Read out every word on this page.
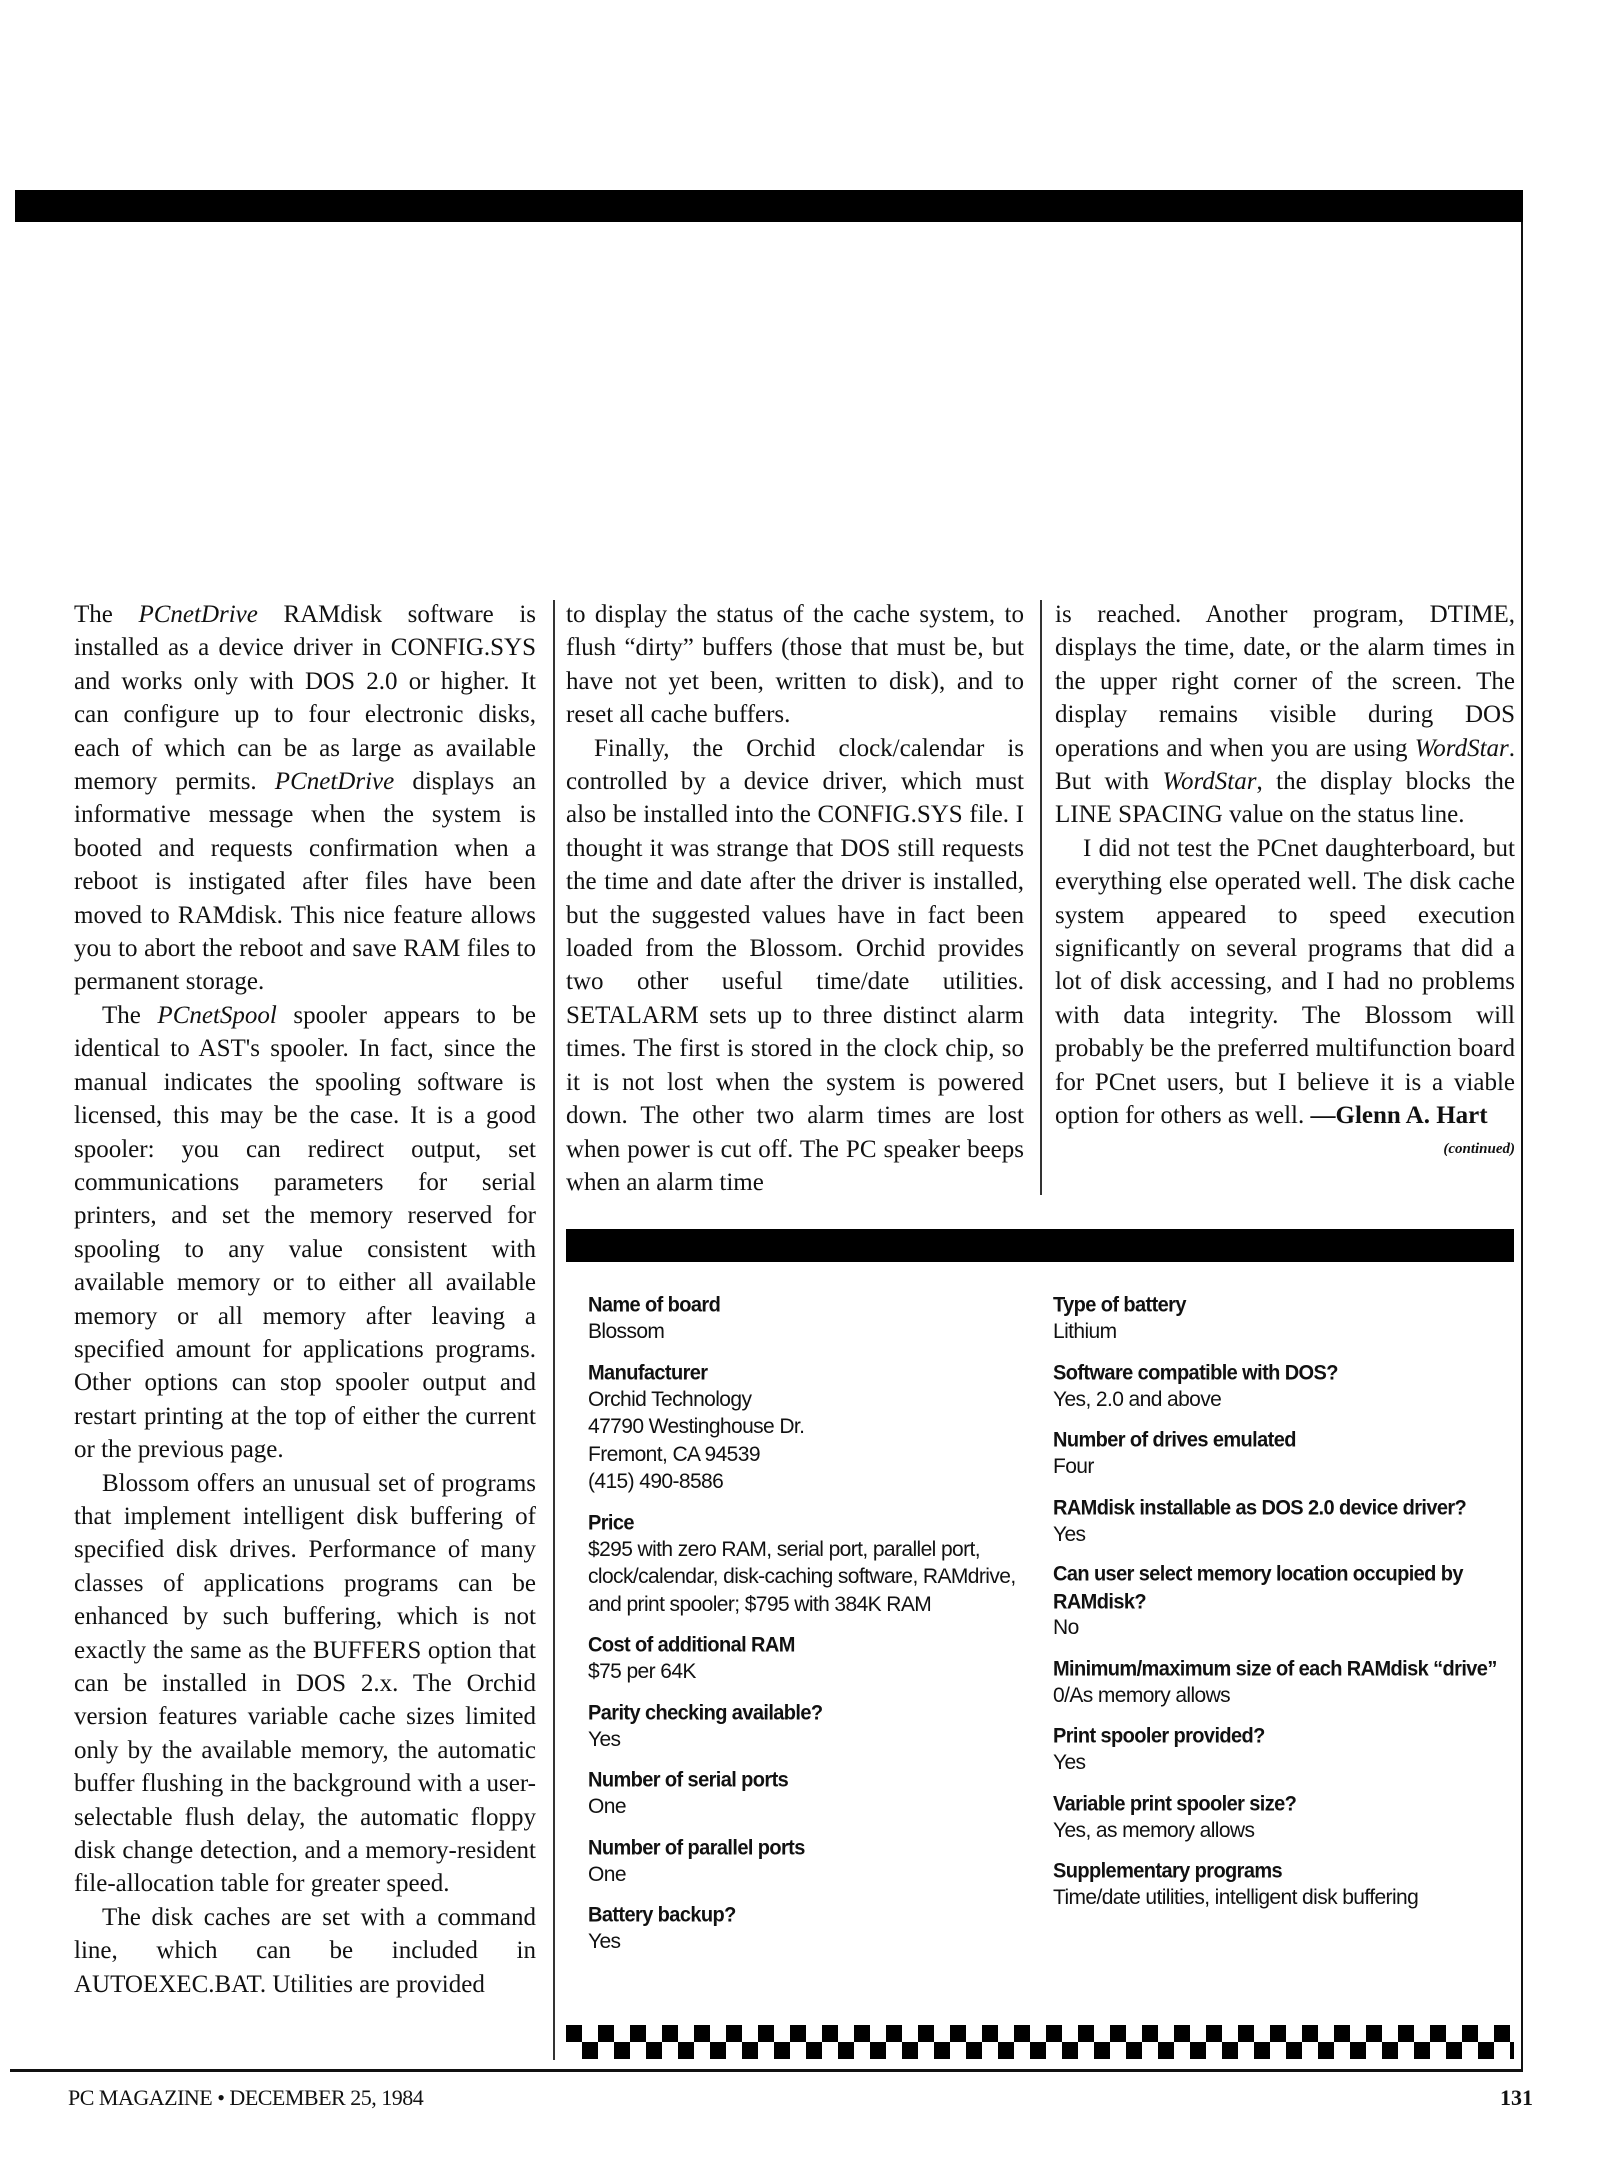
The PCnetDrive RAMdisk software is installed as a device driver in CONFIG.SYS and works only with DOS 2.0 or higher. It can configure up to four electronic disks, each of which can be as large as available memory permits. PCnetDrive displays an informative message when the system is booted and requests confirmation when a reboot is instigated after files have been moved to RAMdisk. This nice feature allows you to abort the reboot and save RAM files to permanent storage.

The PCnetSpool spooler appears to be identical to AST's spooler. In fact, since the manual indicates the spooling software is licensed, this may be the case. It is a good spooler: you can redirect output, set communications parameters for serial printers, and set the memory reserved for spooling to any value consistent with available memory or to either all available memory or all memory after leaving a specified amount for applications programs. Other options can stop spooler output and restart printing at the top of either the current or the previous page.

Blossom offers an unusual set of programs that implement intelligent disk buffering of specified disk drives. Performance of many classes of applications programs can be enhanced by such buffering, which is not exactly the same as the BUFFERS option that can be installed in DOS 2.x. The Orchid version features variable cache sizes limited only by the available memory, the automatic buffer flushing in the background with a user-selectable flush delay, the automatic floppy disk change detection, and a memory-resident file-allocation table for greater speed.

The disk caches are set with a command line, which can be included in AUTOEXEC.BAT. Utilities are provided

to display the status of the cache system, to flush “dirty” buffers (those that must be, but have not yet been, written to disk), and to reset all cache buffers.

Finally, the Orchid clock/calendar is controlled by a device driver, which must also be installed into the CONFIG.SYS file. I thought it was strange that DOS still requests the time and date after the driver is installed, but the suggested values have in fact been loaded from the Blossom. Orchid provides two other useful time/date utilities. SETALARM sets up to three distinct alarm times. The first is stored in the clock chip, so it is not lost when the system is powered down. The other two alarm times are lost when power is cut off. The PC speaker beeps when an alarm time

is reached. Another program, DTIME, displays the time, date, or the alarm times in the upper right corner of the screen. The display remains visible during DOS operations and when you are using WordStar. But with WordStar, the display blocks the LINE SPACING value on the status line.

I did not test the PCnet daughterboard, but everything else operated well. The disk cache system appeared to speed execution significantly on several programs that did a lot of disk accessing, and I had no problems with data integrity. The Blossom will probably be the preferred multifunction board for PCnet users, but I believe it is a viable option for others as well. —Glenn A. Hart
(continued)

Name of board
Blossom
Manufacturer
Orchid Technology
47790 Westinghouse Dr.
Fremont, CA 94539
(415) 490-8586
Price
$295 with zero RAM, serial port, parallel port, clock/calendar, disk-caching software, RAMdrive, and print spooler; $795 with 384K RAM
Cost of additional RAM
$75 per 64K
Parity checking available?
Yes
Number of serial ports
One
Number of parallel ports
One
Battery backup?
Yes
Type of battery
Lithium
Software compatible with DOS?
Yes, 2.0 and above
Number of drives emulated
Four
RAMdisk installable as DOS 2.0 device driver?
Yes
Can user select memory location occupied by RAMdisk?
No
Minimum/maximum size of each RAMdisk “drive”
0/As memory allows
Print spooler provided?
Yes
Variable print spooler size?
Yes, as memory allows
Supplementary programs
Time/date utilities, intelligent disk buffering
PC MAGAZINE • DECEMBER 25, 1984	131
